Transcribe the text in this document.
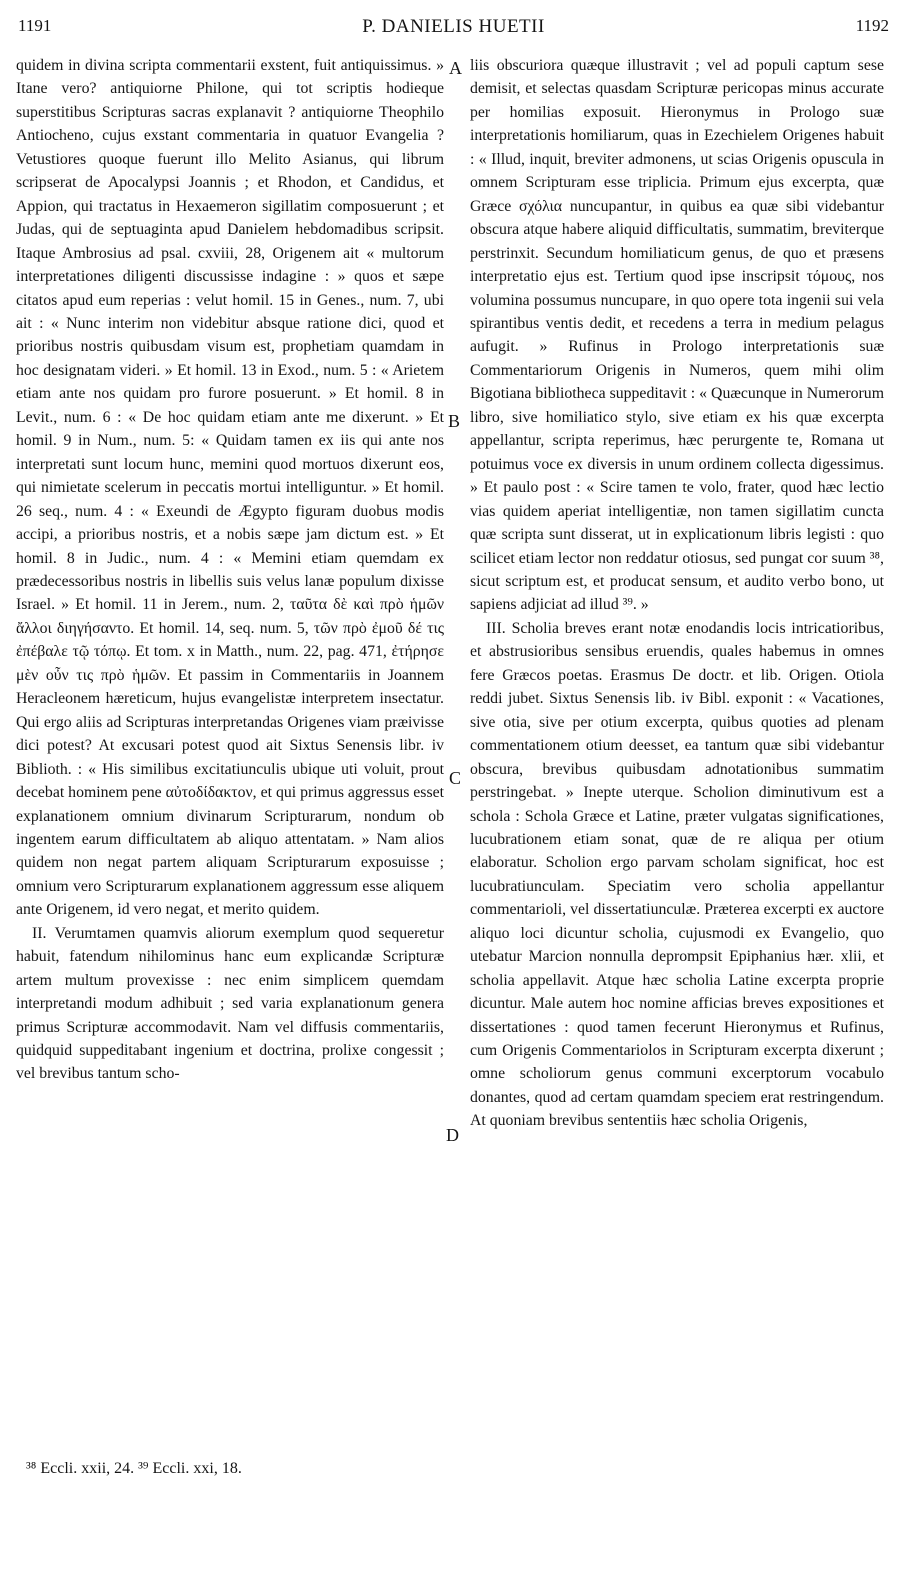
1191	P. DANIELIS HUETII	1192

quidem in divina scripta commentarii exstent, fuit antiquissimus. » Itane vero? antiquiorne Philone, qui tot scriptis hodieque superstitibus Scripturas sacras explanavit ? antiquiorne Theophilo Antiocheno, cujus exstant commentaria in quatuor Evangelia ? Vetustiores quoque fuerunt illo Melito Asianus, qui librum scripserat de Apocalypsi Joannis ; et Rhodon, et Candidus, et Appion, qui tractatus in Hexaemeron sigillatim composuerunt ; et Judas, qui de septuaginta apud Danielem hebdomadibus scripsit. Itaque Ambrosius ad psal. cxviii, 28, Origenem ait « multorum interpretationes diligenti discussisse indagine : » quos et sæpe citatos apud eum reperias : velut homil. 15 in Genes., num. 7, ubi ait : « Nunc interim non videbitur absque ratione dici, quod et prioribus nostris quibusdam visum est, prophetiam quamdam in hoc designatam videri. » Et homil. 13 in Exod., num. 5 : « Arietem etiam ante nos quidam pro furore posuerunt. » Et homil. 8 in Levit., num. 6 : « De hoc quidam etiam ante me dixerunt. » Et homil. 9 in Num., num. 5: « Quidam tamen ex iis qui ante nos interpretati sunt locum hunc, memini quod mortuos dixerunt eos, qui nimietate scelerum in peccatis mortui intelliguntur. » Et homil. 26 seq., num. 4 : « Exeundi de Ægypto figuram duobus modis accipi, a prioribus nostris, et a nobis sæpe jam dictum est. » Et homil. 8 in Judic., num. 4 : « Memini etiam quemdam ex prædecessoribus nostris in libellis suis velus lanæ populum dixisse Israel. » Et homil. 11 in Jerem., num. 2, ταῦτα δὲ καὶ πρὸ ἡμῶν ἄλλοι διηγήσαντο. Et homil. 14, seq. num. 5, τῶν πρὸ ἐμοῦ δέ τις ἐπέβαλε τῷ τόπῳ. Et tom. x in Matth., num. 22, pag. 471, ἐτήρησε μὲν οὖν τις πρὸ ἡμῶν. Et passim in Commentariis in Joannem Heracleonem hæreticum, hujus evangelistæ interpretem insectatur. Qui ergo aliis ad Scripturas interpretandas Origenes viam præivisse dici potest? At excusari potest quod ait Sixtus Senensis libr. iv Biblioth. : « His similibus excitatiunculis ubique uti voluit, prout decebat hominem pene αὐτοδίδακτον, et qui primus aggressus esset explanationem omnium divinarum Scripturarum, nondum ob ingentem earum difficultatem ab aliquo attentatam. » Nam alios quidem non negat partem aliquam Scripturarum exposuisse ; omnium vero Scripturarum explanationem aggressum esse aliquem ante Origenem, id vero negat, et merito quidem.

II. Verumtamen quamvis aliorum exemplum quod sequeretur habuit, fatendum nihilominus hanc eum explicandæ Scripturæ artem multum provexisse : nec enim simplicem quemdam interpretandi modum adhibuit ; sed varia explanationum genera primus Scripturæ accommodavit. Nam vel diffusis commentariis, quidquid suppeditabant ingenium et doctrina, prolixe congessit ; vel brevibus tantum scho-

A
B
C
D

liis obscuriora quæque illustravit ; vel ad populi captum sese demisit, et selectas quasdam Scripturæ pericopas minus accurate per homilias exposuit. Hieronymus in Prologo suæ interpretationis homiliarum, quas in Ezechielem Origenes habuit : « Illud, inquit, breviter admonens, ut scias Origenis opuscula in omnem Scripturam esse triplicia. Primum ejus excerpta, quæ Græce σχόλια nuncupantur, in quibus ea quæ sibi videbantur obscura atque habere aliquid difficultatis, summatim, breviterque perstrinxit. Secundum homiliaticum genus, de quo et præsens interpretatio ejus est. Tertium quod ipse inscripsit τόμους, nos volumina possumus nuncupare, in quo opere tota ingenii sui vela spirantibus ventis dedit, et recedens a terra in medium pelagus aufugit. » Rufinus in Prologo interpretationis suæ Commentariorum Origenis in Numeros, quem mihi olim Bigotiana bibliotheca suppeditavit : « Quæcunque in Numerorum libro, sive homiliatico stylo, sive etiam ex his quæ excerpta appellantur, scripta reperimus, hæc perurgente te, Romana ut potuimus voce ex diversis in unum ordinem collecta digessimus. » Et paulo post : « Scire tamen te volo, frater, quod hæc lectio vias quidem aperiat intelligentiæ, non tamen sigillatim cuncta quæ scripta sunt disserat, ut in explicationum libris legisti : quo scilicet etiam lector non reddatur otiosus, sed pungat cor suum ³⁸, sicut scriptum est, et producat sensum, et audito verbo bono, ut sapiens adjiciat ad illud ³⁹. »

III. Scholia breves erant notæ enodandis locis intricatioribus, et abstrusioribus sensibus eruendis, quales habemus in omnes fere Græcos poetas. Erasmus De doctr. et lib. Origen. Otiola reddi jubet. Sixtus Senensis lib. iv Bibl. exponit : « Vacationes, sive otia, sive per otium excerpta, quibus quoties ad plenam commentationem otium deesset, ea tantum quæ sibi videbantur obscura, brevibus quibusdam adnotationibus summatim perstringebat. » Inepte uterque. Scholion diminutivum est a schola : Schola Græce et Latine, præter vulgatas significationes, lucubrationem etiam sonat, quæ de re aliqua per otium elaboratur. Scholion ergo parvam scholam significat, hoc est lucubratiunculam. Speciatim vero scholia appellantur commentarioli, vel dissertatiunculæ. Præterea excerpti ex auctore aliquo loci dicuntur scholia, cujusmodi ex Evangelio, quo utebatur Marcion nonnulla deprompsit Epiphanius hær. xlii, et scholia appellavit. Atque hæc scholia Latine excerpta proprie dicuntur. Male autem hoc nomine afficias breves expositiones et dissertationes : quod tamen fecerunt Hieronymus et Rufinus, cum Origenis Commentariolos in Scripturam excerpta dixerunt ; omne scholiorum genus communi excerptorum vocabulo donantes, quod ad certam quamdam speciem erat restringendum. At quoniam brevibus sententiis hæc scholia Origenis,

³⁸ Eccli. xxii, 24. ³⁹ Eccli. xxi, 18.
